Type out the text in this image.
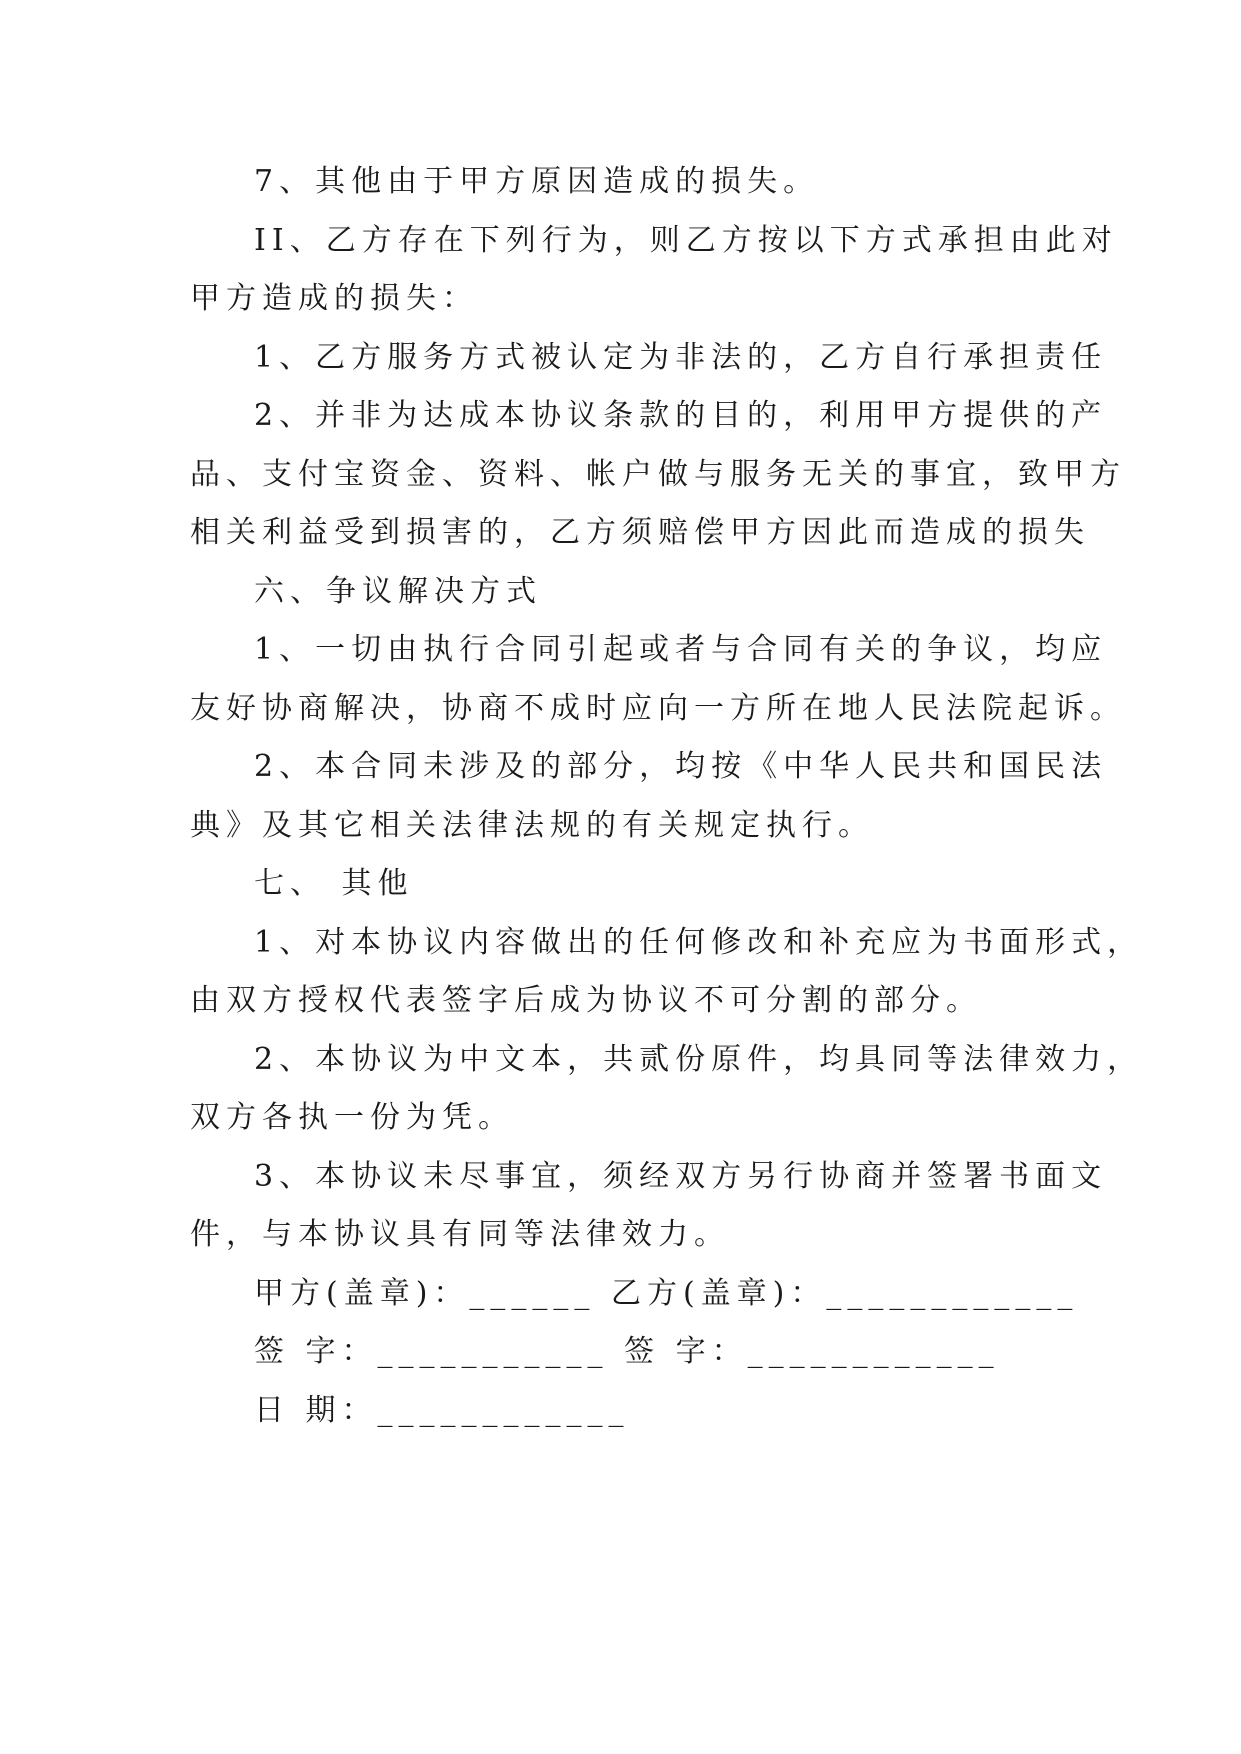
7、其他由于甲方原因造成的损失。
II、乙方存在下列行为，则乙方按以下方式承担由此对
甲方造成的损失：
1、乙方服务方式被认定为非法的，乙方自行承担责任
2、并非为达成本协议条款的目的，利用甲方提供的产
品、支付宝资金、资料、帐户做与服务无关的事宜，致甲方
相关利益受到损害的，乙方须赔偿甲方因此而造成的损失
六、争议解决方式
1、一切由执行合同引起或者与合同有关的争议，均应
友好协商解决，协商不成时应向一方所在地人民法院起诉。
2、本合同未涉及的部分，均按《中华人民共和国民法
典》及其它相关法律法规的有关规定执行。
七、 其他
1、对本协议内容做出的任何修改和补充应为书面形式，
由双方授权代表签字后成为协议不可分割的部分。
2、本协议为中文本，共贰份原件，均具同等法律效力，
双方各执一份为凭。
3、本协议未尽事宜，须经双方另行协商并签署书面文
件，与本协议具有同等法律效力。
甲方(盖章)：______ 乙方(盖章)：____________
签 字：___________ 签 字：____________
日 期：____________
